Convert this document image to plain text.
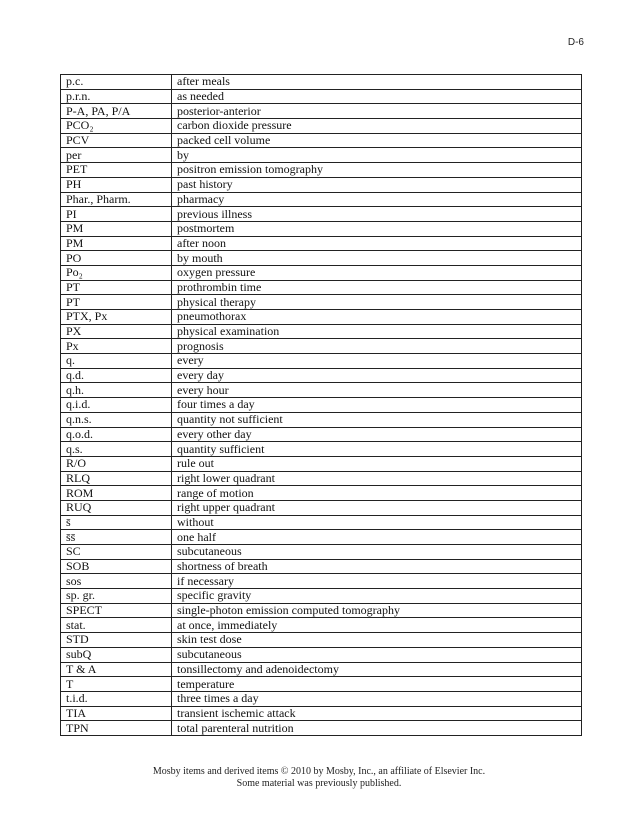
D-6
p.c.	after meals
p.r.n.	as needed
P-A, PA, P/A	posterior-anterior
PCO₂	carbon dioxide pressure
PCV	packed cell volume
per	by
PET	positron emission tomography
PH	past history
Phar., Pharm.	pharmacy
PI	previous illness
PM	postmortem
PM	after noon
PO	by mouth
Po₂	oxygen pressure
PT	prothrombin time
PT	physical therapy
PTX, Px	pneumothorax
PX	physical examination
Px	prognosis
q.	every
q.d.	every day
q.h.	every hour
q.i.d.	four times a day
q.n.s.	quantity not sufficient
q.o.d.	every other day
q.s.	quantity sufficient
R/O	rule out
RLQ	right lower quadrant
ROM	range of motion
RUQ	right upper quadrant
s̄	without
s̄s̄	one half
SC	subcutaneous
SOB	shortness of breath
sos	if necessary
sp. gr.	specific gravity
SPECT	single-photon emission computed tomography
stat.	at once, immediately
STD	skin test dose
subQ	subcutaneous
T & A	tonsillectomy and adenoidectomy
T	temperature
t.i.d.	three times a day
TIA	transient ischemic attack
TPN	total parenteral nutrition
Mosby items and derived items © 2010 by Mosby, Inc., an affiliate of Elsevier Inc.
Some material was previously published.
